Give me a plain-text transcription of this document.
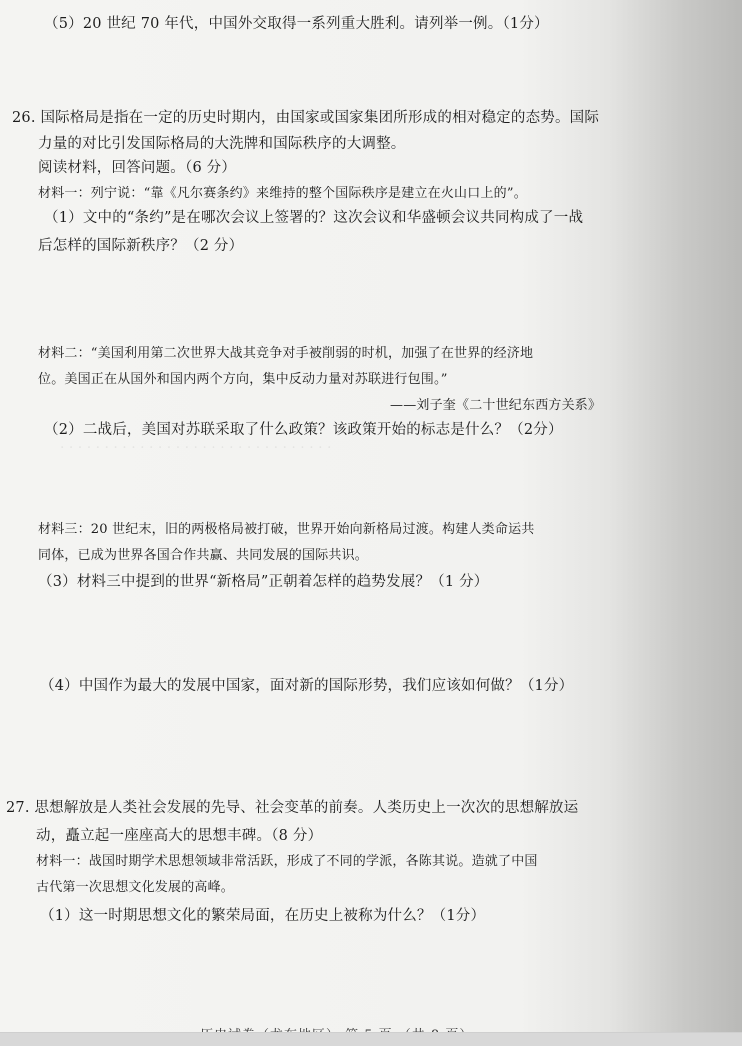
（5）20 世纪 70 年代，中国外交取得一系列重大胜利。请列举一例。（1分）
26. 国际格局是指在一定的历史时期内，由国家或国家集团所形成的相对稳定的态势。国际
力量的对比引发国际格局的大洗牌和国际秩序的大调整。
阅读材料，回答问题。（6 分）
材料一：列宁说：“靠《凡尔赛条约》来维持的整个国际秩序是建立在火山口上的”。
（1）文中的“条约”是在哪次会议上签署的？这次会议和华盛顿会议共同构成了一战
后怎样的国际新秩序？（2 分）
材料二：“美国利用第二次世界大战其竞争对手被削弱的时机，加强了在世界的经济地
位。美国正在从国外和国内两个方向，集中反动力量对苏联进行包围。”
——刘子奎《二十世纪东西方关系》
（2）二战后，美国对苏联采取了什么政策？该政策开始的标志是什么？（2分）
· · · · · · · · · · · · · · · · · · · · · · · · · · · · · · ·
材料三：20 世纪末，旧的两极格局被打破，世界开始向新格局过渡。构建人类命运共
同体，已成为世界各国合作共赢、共同发展的国际共识。
（3）材料三中提到的世界“新格局”正朝着怎样的趋势发展？（1 分）
（4）中国作为最大的发展中国家，面对新的国际形势，我们应该如何做？（1分）
27. 思想解放是人类社会发展的先导、社会变革的前奏。人类历史上一次次的思想解放运
动，矗立起一座座高大的思想丰碑。（8 分）
材料一：战国时期学术思想领域非常活跃，形成了不同的学派，各陈其说。造就了中国
古代第一次思想文化发展的高峰。
（1）这一时期思想文化的繁荣局面，在历史上被称为什么？（1分）
